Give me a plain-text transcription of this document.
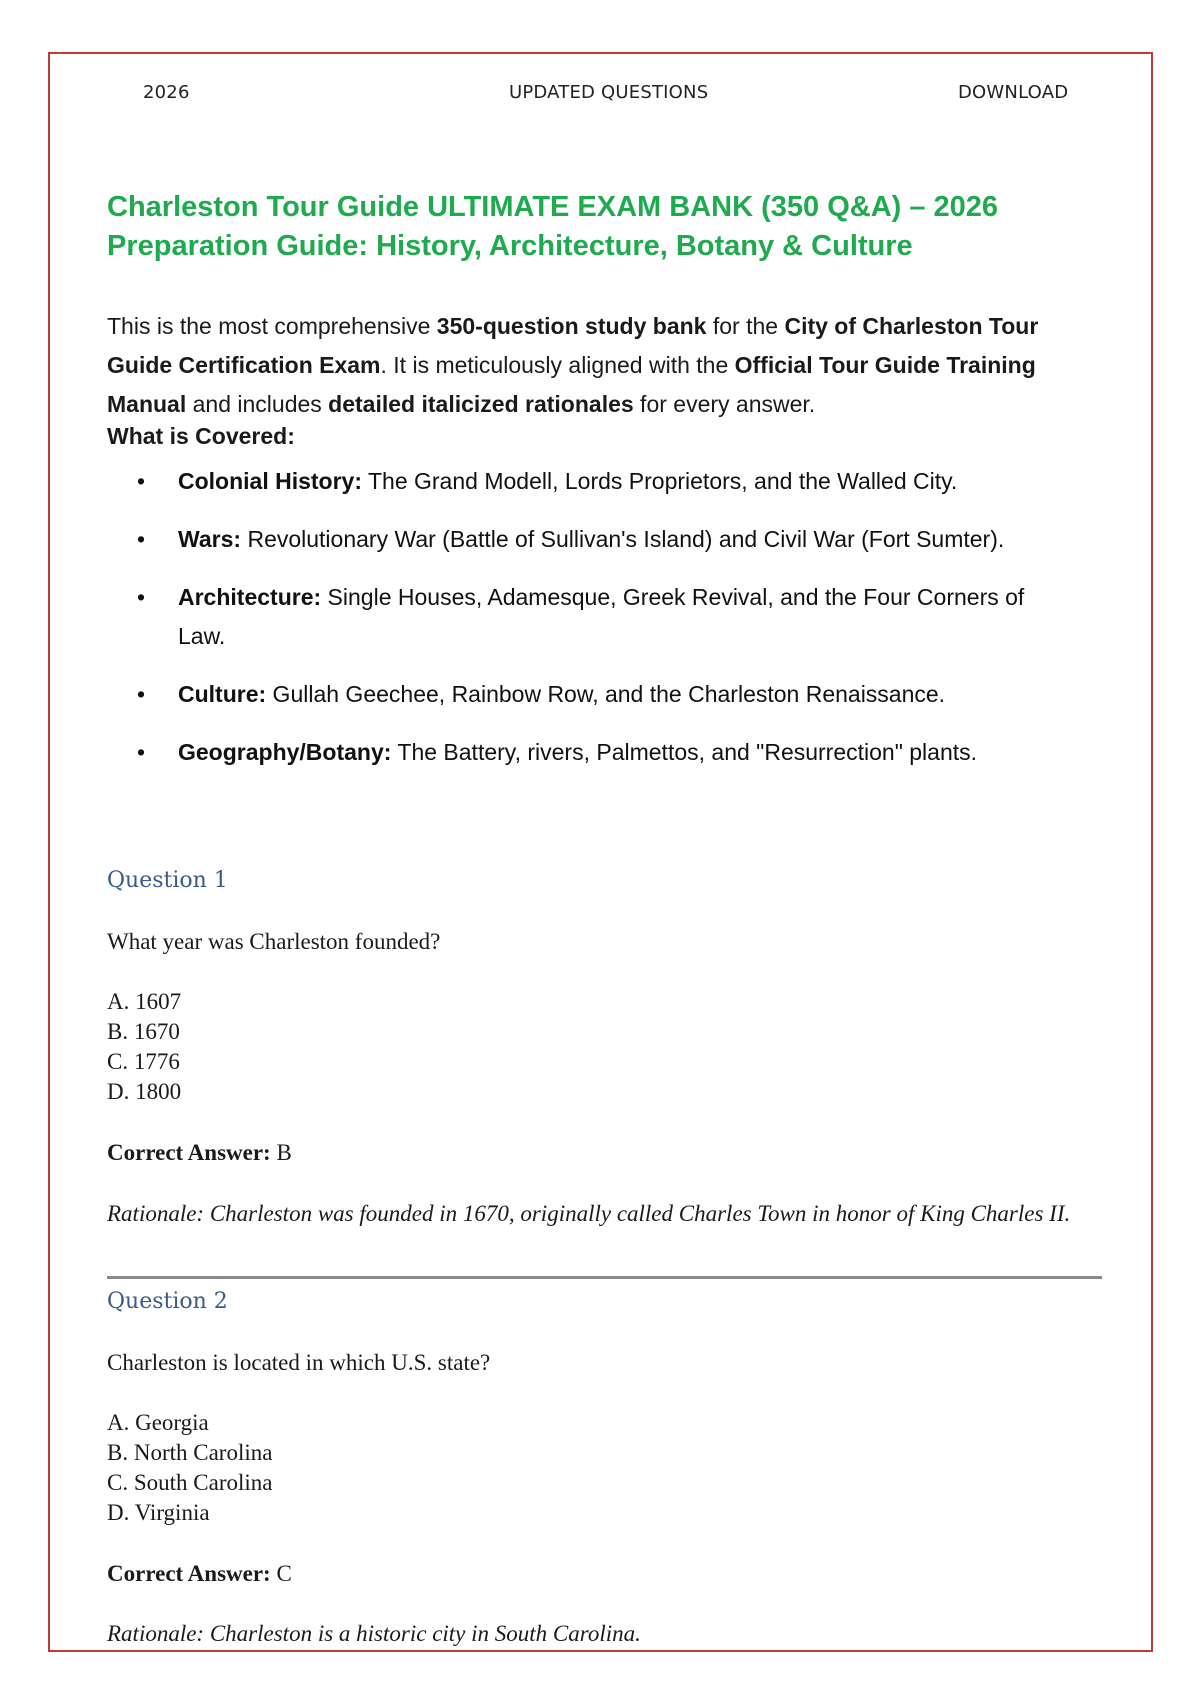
2026	UPDATED QUESTIONS	DOWNLOAD
Charleston Tour Guide ULTIMATE EXAM BANK (350 Q&A) – 2026
Preparation Guide: History, Architecture, Botany & Culture
This is the most comprehensive 350-question study bank for the City of Charleston Tour Guide Certification Exam. It is meticulously aligned with the Official Tour Guide Training Manual and includes detailed italicized rationales for every answer.
What is Covered:
• Colonial History: The Grand Modell, Lords Proprietors, and the Walled City.
• Wars: Revolutionary War (Battle of Sullivan's Island) and Civil War (Fort Sumter).
• Architecture: Single Houses, Adamesque, Greek Revival, and the Four Corners of Law.
• Culture: Gullah Geechee, Rainbow Row, and the Charleston Renaissance.
• Geography/Botany: The Battery, rivers, Palmettos, and "Resurrection" plants.
Question 1
What year was Charleston founded?
A. 1607
B. 1670
C. 1776
D. 1800
Correct Answer: B
Rationale: Charleston was founded in 1670, originally called Charles Town in honor of King Charles II.
Question 2
Charleston is located in which U.S. state?
A. Georgia
B. North Carolina
C. South Carolina
D. Virginia
Correct Answer: C
Rationale: Charleston is a historic city in South Carolina.
